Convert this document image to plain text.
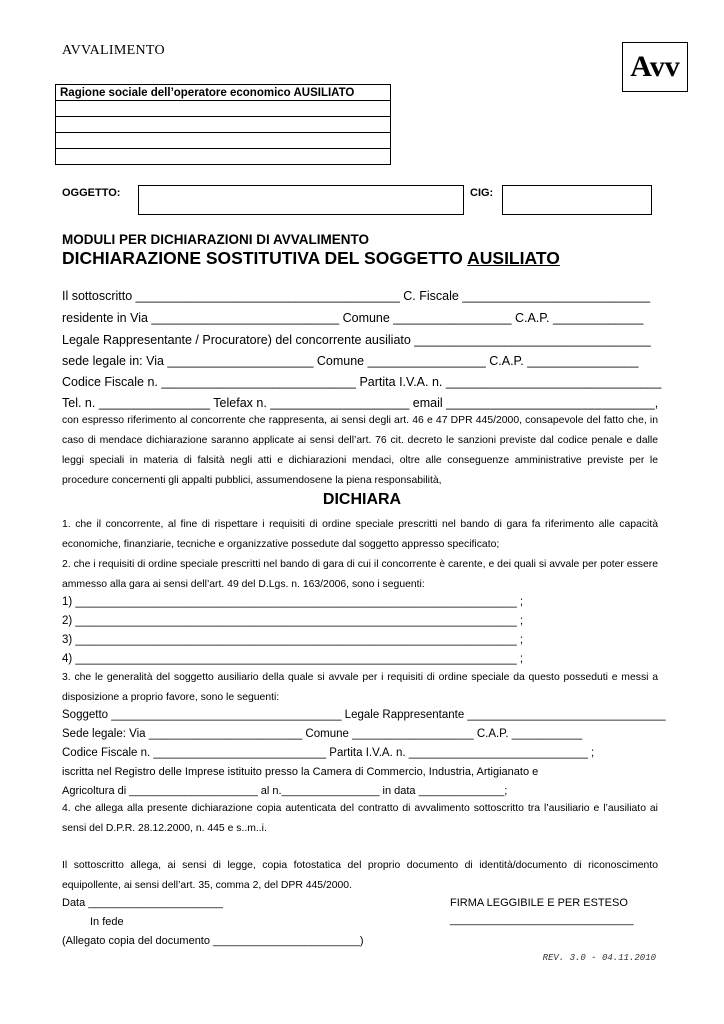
AVVALIMENTO	Avv
Ragione sociale dell’operatore economico AUSILIATO

OGGETTO:	CIG:
MODULI PER DICHIARAZIONI DI AVVALIMENTO
DICHIARAZIONE SOSTITUTIVA DEL SOGGETTO AUSILIATO
Il sottoscritto ______________________________________ C. Fiscale ___________________________
residente in Via ___________________________ Comune _________________ C.A.P. _____________
Legale Rappresentante / Procuratore) del concorrente ausiliato __________________________________
sede legale in: Via _____________________ Comune _________________ C.A.P. ________________
Codice Fiscale n. ____________________________ Partita I.V.A. n. _______________________________
Tel. n. ________________ Telefax n. ____________________ email ______________________________,
con espresso riferimento al concorrente che rappresenta, ai sensi degli art. 46 e 47 DPR 445/2000, consapevole del fatto che, in caso di mendace dichiarazione saranno applicate ai sensi dell’art. 76 cit. decreto le sanzioni previste dal codice penale e dalle leggi speciali in materia di falsità negli atti e dichiarazioni mendaci, oltre alle conseguenze amministrative previste per le procedure concernenti gli appalti pubblici, assumendosene la piena responsabilità,
DICHIARA
1. che il concorrente, al fine di rispettare i requisiti di ordine speciale prescritti nel bando di gara fa riferimento alle capacità economiche, finanziarie, tecniche e organizzative possedute dal soggetto appresso specificato;
2. che i requisiti di ordine speciale prescritti nel bando di gara di cui il concorrente è carente, e dei quali si avvale per poter essere ammesso alla gara ai sensi dell’art. 49 del D.Lgs. n. 163/2006, sono i seguenti:
1) _____________________________________________________________________ ;
2) _____________________________________________________________________ ;
3) _____________________________________________________________________ ;
4) _____________________________________________________________________ ;
3. che le generalità del soggetto ausiliario della quale si avvale per i requisiti di ordine speciale da questo posseduti e messi a disposizione a proprio favore, sono le seguenti:
Soggetto ____________________________________ Legale Rappresentante _______________________________
Sede legale: Via ________________________ Comune ___________________ C.A.P. ___________
Codice Fiscale n. ___________________________ Partita I.V.A. n. ____________________________ ;
iscritta nel Registro delle Imprese istituito presso la Camera di Commercio, Industria, Artigianato e
Agricoltura di _____________________ al n.________________ in data ______________;
4. che allega alla presente dichiarazione copia autenticata del contratto di avvalimento sottoscritto tra l’ausiliario e l’ausiliato ai sensi del D.P.R. 28.12.2000, n. 445 e s..m..i.
Il sottoscritto allega, ai sensi di legge, copia fotostatica del proprio documento di identità/documento di riconoscimento equipollente, ai sensi dell’art. 35, comma 2, del DPR 445/2000.
Data ______________________	FIRMA LEGGIBILE E PER ESTESO
In fede	______________________________
(Allegato copia del documento ________________________)
REV. 3.0 - 04.11.2010
